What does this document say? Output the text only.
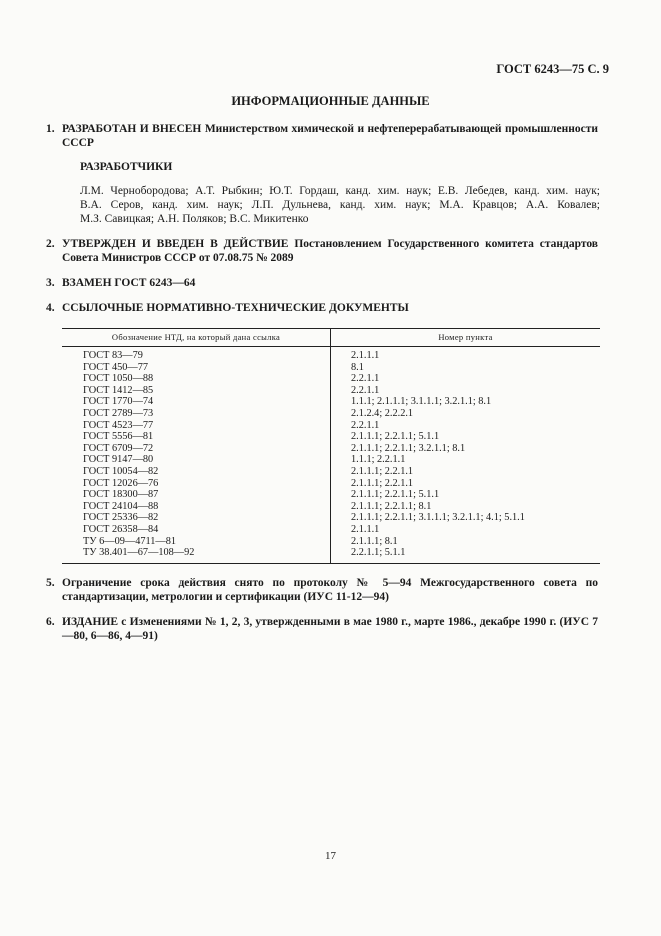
ГОСТ 6243—75 С. 9
ИНФОРМАЦИОННЫЕ ДАННЫЕ
1. РАЗРАБОТАН И ВНЕСЕН Министерством химической и нефтеперерабатывающей промышленности СССР
РАЗРАБОТЧИКИ
Л.М. Чернобородова; А.Т. Рыбкин; Ю.Т. Гордаш, канд. хим. наук; Е.В. Лебедев, канд. хим. наук;
В.А. Серов, канд. хим. наук; Л.П. Дульнева, канд. хим. наук; М.А. Кравцов; А.А. Ковалев;
М.З. Савицкая; А.Н. Поляков; В.С. Микитенко
2. УТВЕРЖДЕН И ВВЕДЕН В ДЕЙСТВИЕ Постановлением Государственного комитета стандартов Совета Министров СССР от 07.08.75 № 2089
3. ВЗАМЕН ГОСТ 6243—64
4. ССЫЛОЧНЫЕ НОРМАТИВНО-ТЕХНИЧЕСКИЕ ДОКУМЕНТЫ
Обозначение НТД, на который дана ссылка	Номер пункта
ГОСТ 83—79	2.1.1.1
ГОСТ 450—77	8.1
ГОСТ 1050—88	2.2.1.1
ГОСТ 1412—85	2.2.1.1
ГОСТ 1770—74	1.1.1; 2.1.1.1; 3.1.1.1; 3.2.1.1; 8.1
ГОСТ 2789—73	2.1.2.4; 2.2.2.1
ГОСТ 4523—77	2.2.1.1
ГОСТ 5556—81	2.1.1.1; 2.2.1.1; 5.1.1
ГОСТ 6709—72	2.1.1.1; 2.2.1.1; 3.2.1.1; 8.1
ГОСТ 9147—80	1.1.1; 2.2.1.1
ГОСТ 10054—82	2.1.1.1; 2.2.1.1
ГОСТ 12026—76	2.1.1.1; 2.2.1.1
ГОСТ 18300—87	2.1.1.1; 2.2.1.1; 5.1.1
ГОСТ 24104—88	2.1.1.1; 2.2.1.1; 8.1
ГОСТ 25336—82	2.1.1.1; 2.2.1.1; 3.1.1.1; 3.2.1.1; 4.1; 5.1.1
ГОСТ 26358—84	2.1.1.1
ТУ 6—09—4711—81	2.1.1.1; 8.1
ТУ 38.401—67—108—92	2.2.1.1; 5.1.1
5. Ограничение срока действия снято по протоколу № 5—94 Межгосударственного совета по стандартизации, метрологии и сертификации (ИУС 11-12—94)
6. ИЗДАНИЕ с Изменениями № 1, 2, 3, утвержденными в мае 1980 г., марте 1986., декабре 1990 г. (ИУС 7—80, 6—86, 4—91)
17
